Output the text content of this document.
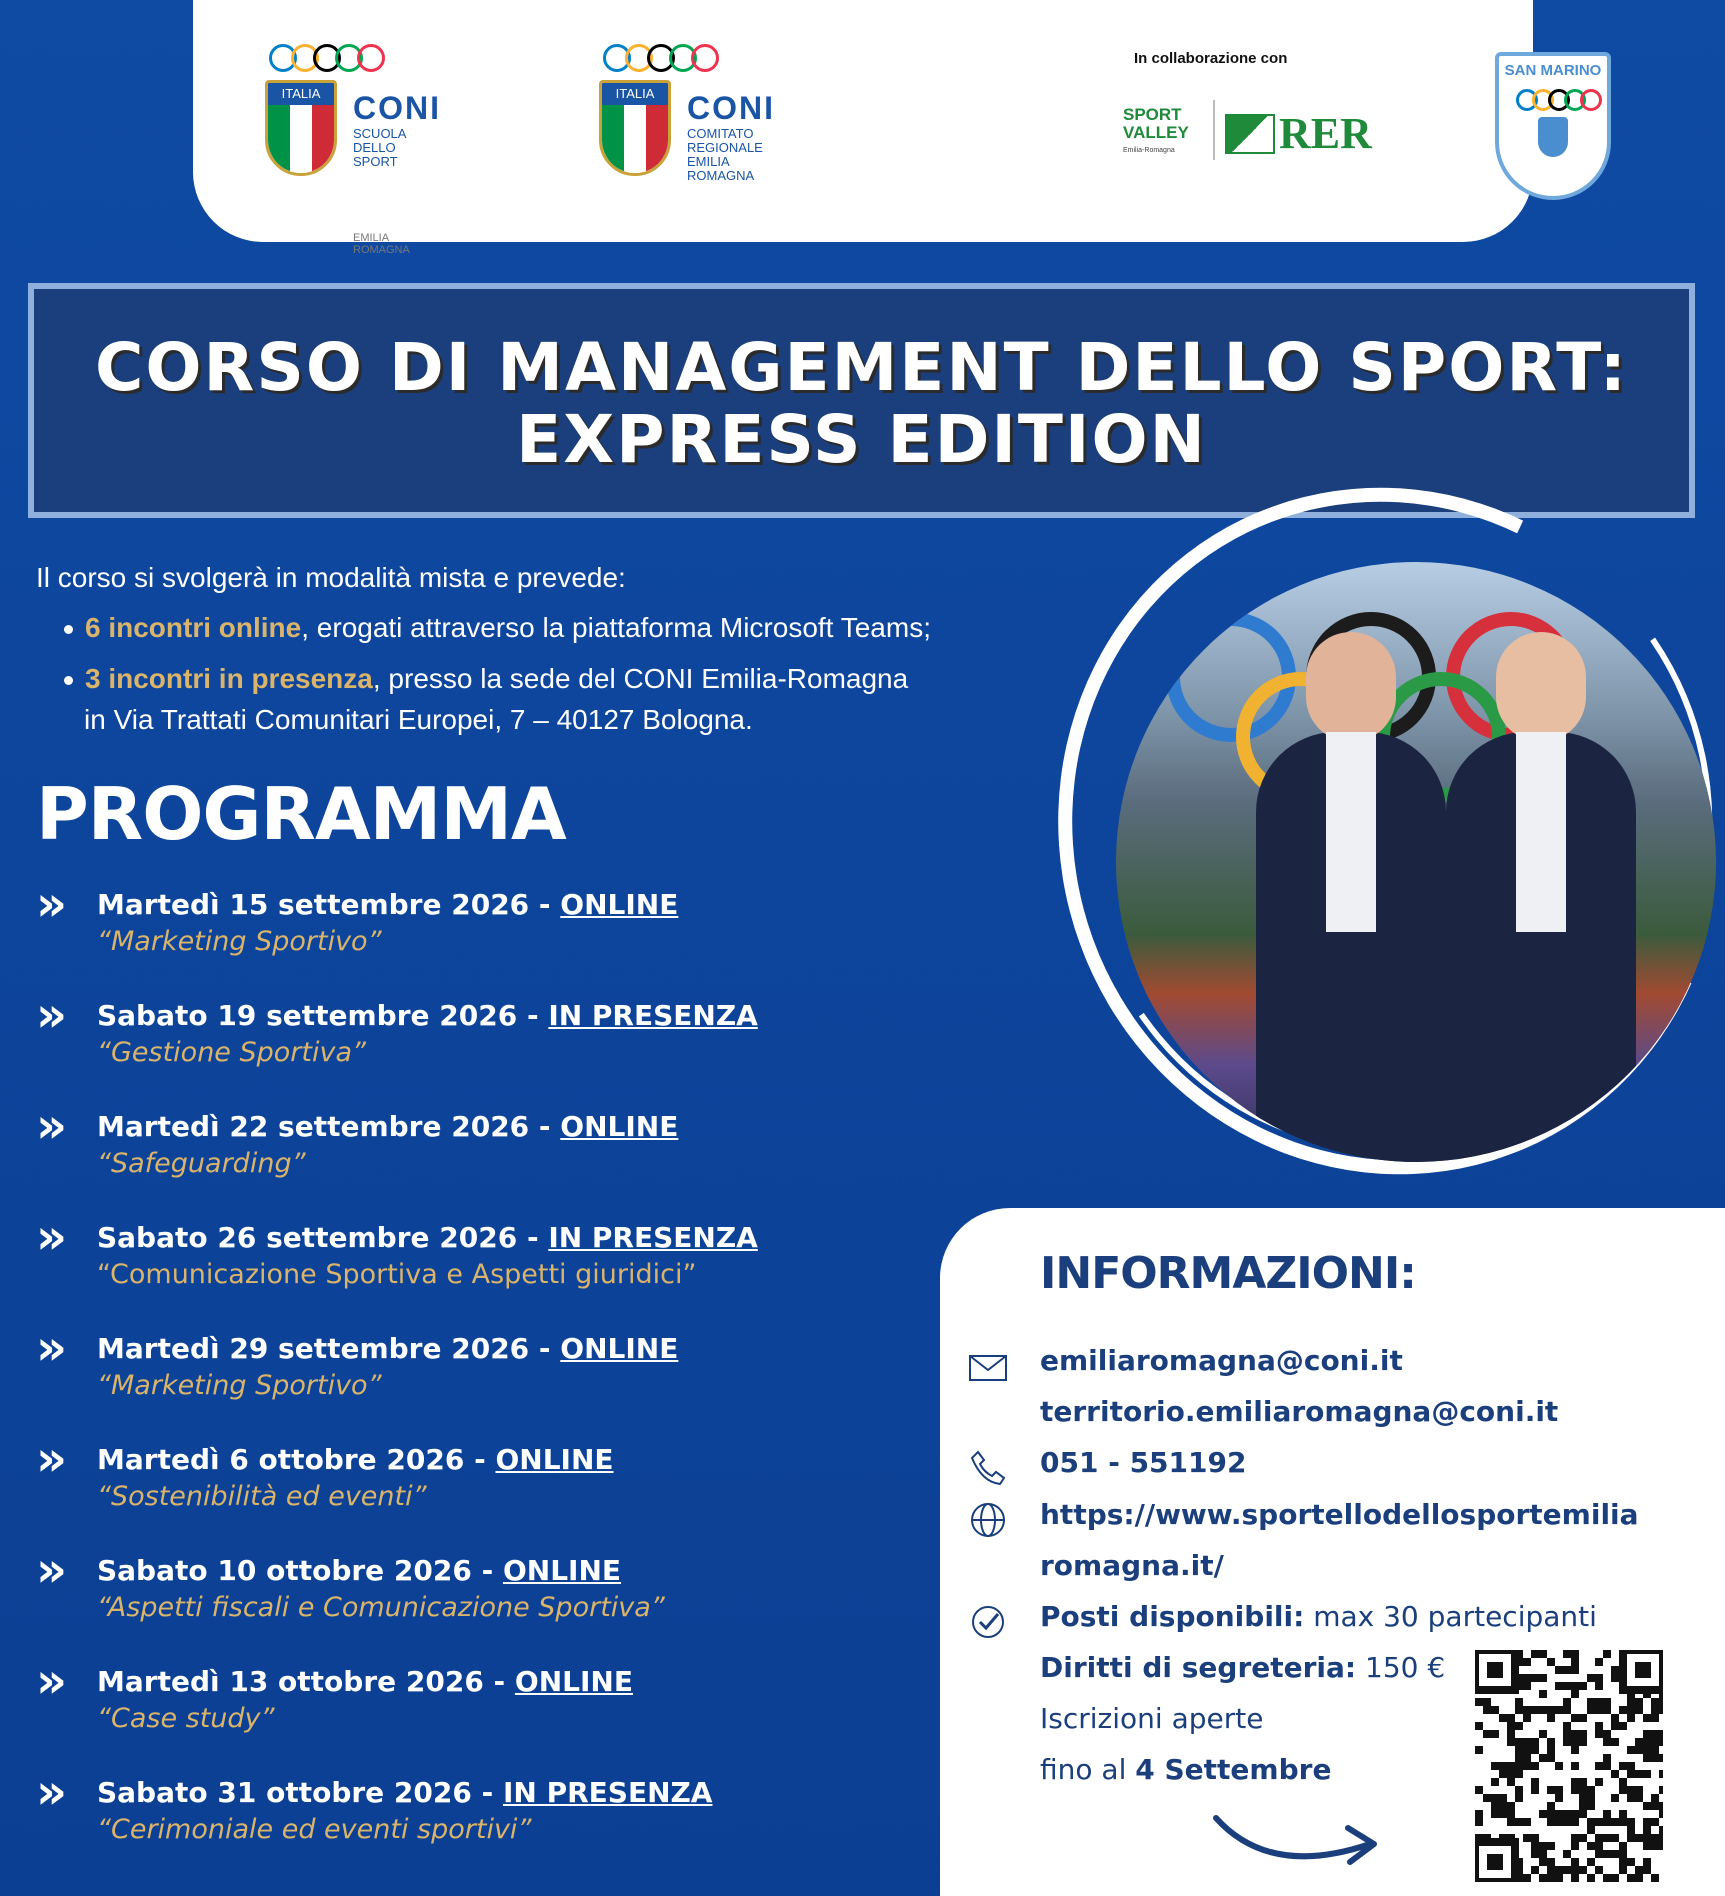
ITALIA	CONI
SCUOLA
DELLO SPORT
EMILIA ROMAGNA
ITALIA	CONI
COMITATO
REGIONALE
EMILIA ROMAGNA
In collaborazione con
SPORT
VALLEY
Emilia-Romagna	RER
SAN MARINO
CORSO DI MANAGEMENT DELLO SPORT:
EXPRESS EDITION
Il corso si svolgerà in modalità mista e prevede:
6 incontri online, erogati attraverso la piattaforma Microsoft Teams;
3 incontri in presenza, presso la sede del CONI Emilia-Romagna
in Via Trattati Comunitari Europei, 7 – 40127 Bologna.
PROGRAMMA
» Martedì 15 settembre 2026 - ONLINE
“Marketing Sportivo”
» Sabato 19 settembre 2026 - IN PRESENZA
“Gestione Sportiva”
» Martedì 22 settembre 2026 - ONLINE
“Safeguarding”
» Sabato 26 settembre 2026 - IN PRESENZA
“Comunicazione Sportiva e Aspetti giuridici”
» Martedì 29 settembre 2026 - ONLINE
“Marketing Sportivo”
» Martedì 6 ottobre 2026 - ONLINE
“Sostenibilità ed eventi”
» Sabato 10 ottobre 2026 - ONLINE
“Aspetti fiscali e Comunicazione Sportiva”
» Martedì 13 ottobre 2026 - ONLINE
“Case study”
» Sabato 31 ottobre 2026 - IN PRESENZA
“Cerimoniale ed eventi sportivi”
INFORMAZIONI:
emiliaromagna@coni.it
territorio.emiliaromagna@coni.it
051 - 551192
https://www.sportellodellosportemilia
romagna.it/
Posti disponibili: max 30 partecipanti
Diritti di segreteria: 150 €
Iscrizioni aperte
fino al 4 Settembre
